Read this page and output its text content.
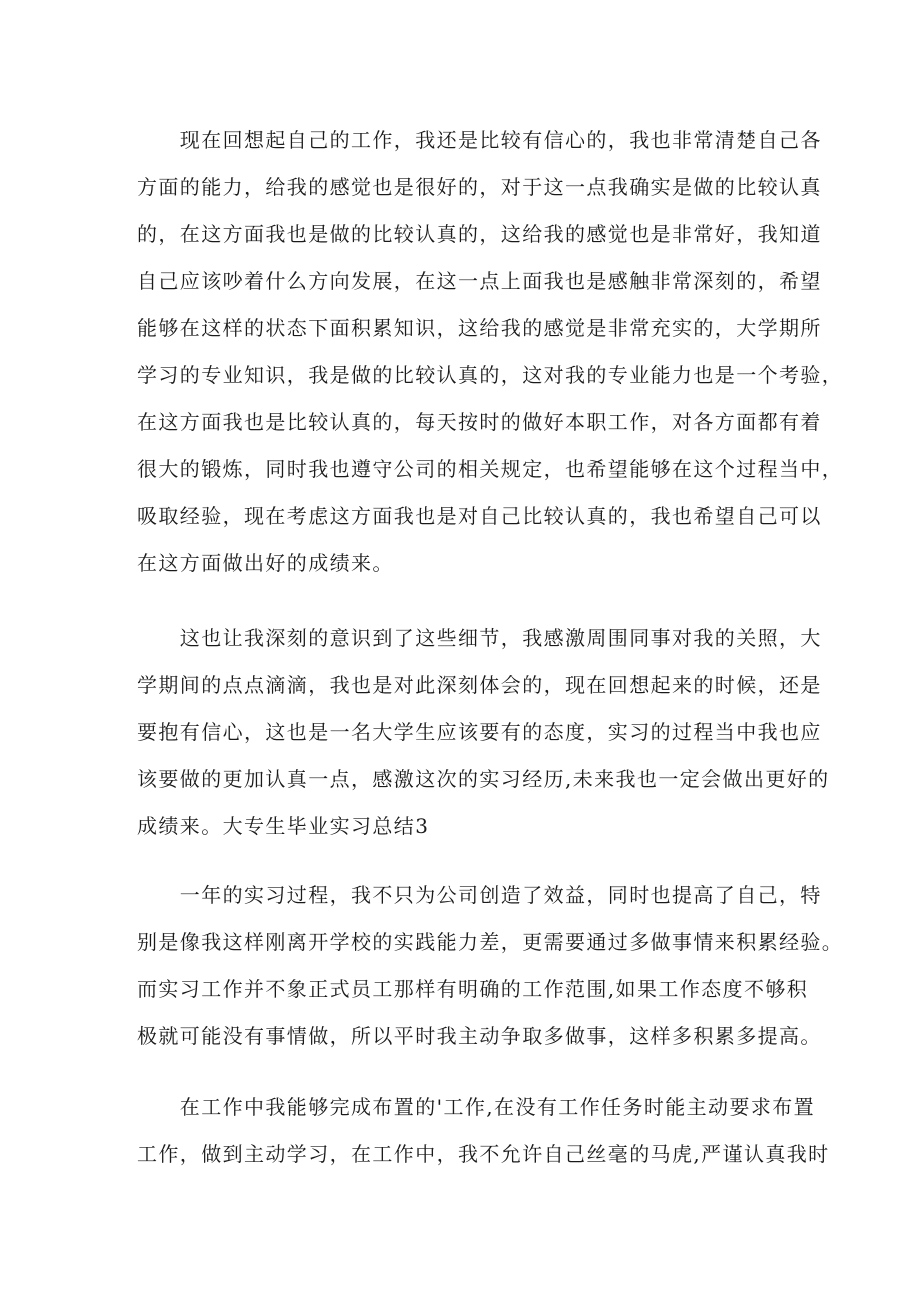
　　现在回想起自己的工作，我还是比较有信心的，我也非常清楚自己各
方面的能力，给我的感觉也是很好的，对于这一点我确实是做的比较认真
的，在这方面我也是做的比较认真的，这给我的感觉也是非常好，我知道
自己应该吵着什么方向发展，在这一点上面我也是感触非常深刻的，希望
能够在这样的状态下面积累知识，这给我的感觉是非常充实的，大学期所
学习的专业知识，我是做的比较认真的，这对我的专业能力也是一个考验，
在这方面我也是比较认真的，每天按时的做好本职工作，对各方面都有着
很大的锻炼，同时我也遵守公司的相关规定，也希望能够在这个过程当中，
吸取经验，现在考虑这方面我也是对自己比较认真的，我也希望自己可以
在这方面做出好的成绩来。
　　这也让我深刻的意识到了这些细节，我感激周围同事对我的关照，大
学期间的点点滴滴，我也是对此深刻体会的，现在回想起来的时候，还是
要抱有信心，这也是一名大学生应该要有的态度，实习的过程当中我也应
该要做的更加认真一点，感激这次的实习经历,未来我也一定会做出更好的
成绩来。大专生毕业实习总结3
　　一年的实习过程，我不只为公司创造了效益，同时也提高了自己，特
别是像我这样刚离开学校的实践能力差，更需要通过多做事情来积累经验。
而实习工作并不象正式员工那样有明确的工作范围,如果工作态度不够积
极就可能没有事情做，所以平时我主动争取多做事，这样多积累多提高。
　　在工作中我能够完成布置的'工作,在没有工作任务时能主动要求布置
工作，做到主动学习，在工作中，我不允许自己丝毫的马虎,严谨认真我时
